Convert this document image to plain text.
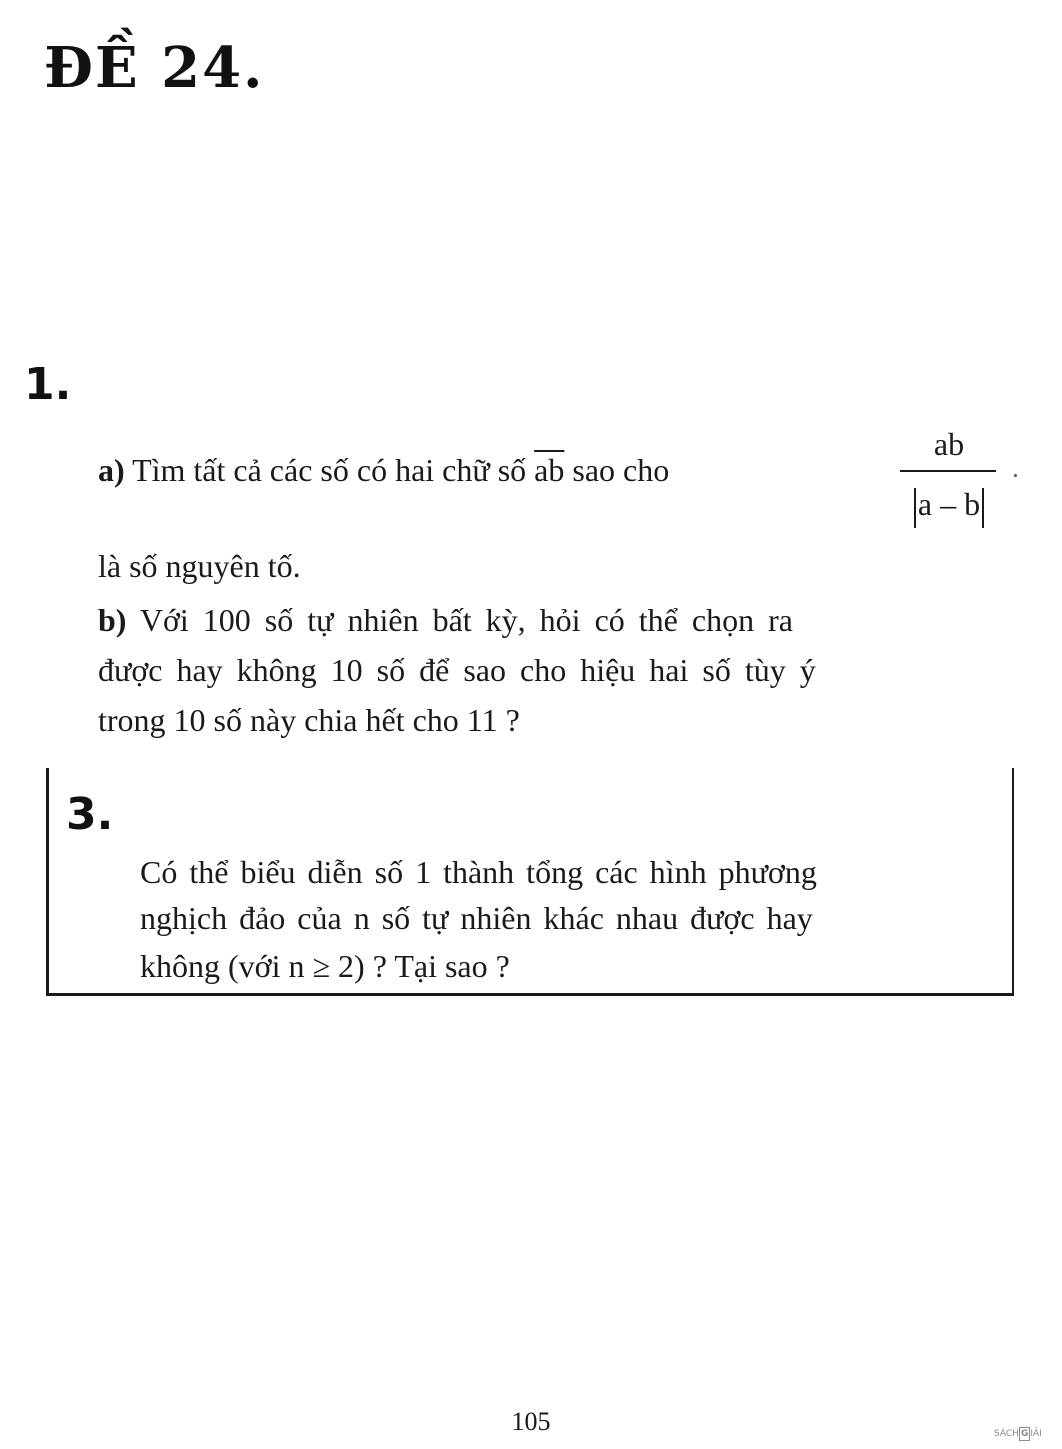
ĐỀ 24.
1.
a) Tìm tất cả các số có hai chữ số $\overline{ab}$ sao cho
ab
a – b
là số nguyên tố.
b) Với 100 số tự nhiên bất kỳ, hỏi có thể chọn ra
được hay không 10 số để sao cho hiệu hai số tùy ý
trong 10 số này chia hết cho 11 ?
3.
Có thể biểu diễn số 1 thành tổng các hình phương
nghịch đảo của n số tự nhiên khác nhau được hay
không (với n ≥ 2) ? Tại sao ?
105	SÁCH G IẢI
